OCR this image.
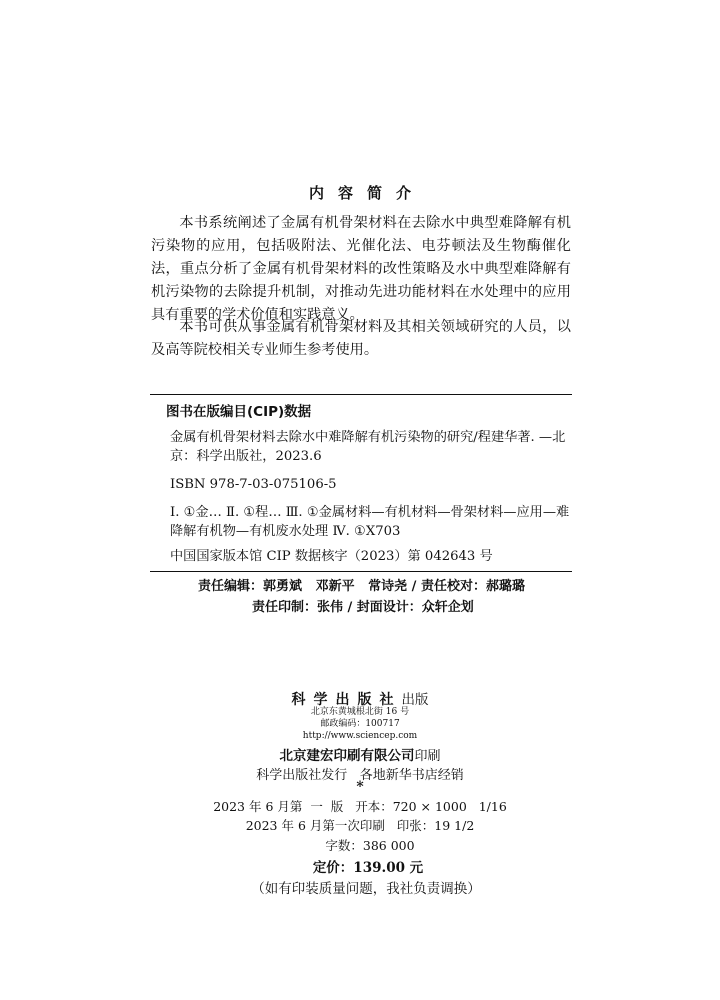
内容简介

本书系统阐述了金属有机骨架材料在去除水中典型难降解有机污染物的应用，包括吸附法、光催化法、电芬顿法及生物酶催化法，重点分析了金属有机骨架材料的改性策略及水中典型难降解有机污染物的去除提升机制，对推动先进功能材料在水处理中的应用具有重要的学术价值和实践意义。

本书可供从事金属有机骨架材料及其相关领域研究的人员，以及高等院校相关专业师生参考使用。

图书在版编目(CIP)数据

金属有机骨架材料去除水中难降解有机污染物的研究/程建华著. —北京：科学出版社，2023.6

ISBN 978-7-03-075106-5

Ⅰ. ①金… Ⅱ. ①程… Ⅲ. ①金属材料—有机材料—骨架材料—应用—难降解有机物—有机废水处理 Ⅳ. ①X703

中国国家版本馆 CIP 数据核字（2023）第 042643 号

责任编辑：郭勇斌   邓新平   常诗尧 / 责任校对：郝璐璐
责任印制：张伟 / 封面设计：众轩企划
科学出版社出版
北京东黄城根北街 16 号
邮政编码：100717
http://www.sciencep.com
北京建宏印刷有限公司印刷
科学出版社发行   各地新华书店经销
*
2023 年 6 月第  一  版   开本：720 × 1000   1/16
2023 年 6 月第一次印刷   印张：19 1/2
字数：386 000
定价：139.00 元
（如有印装质量问题，我社负责调换）
